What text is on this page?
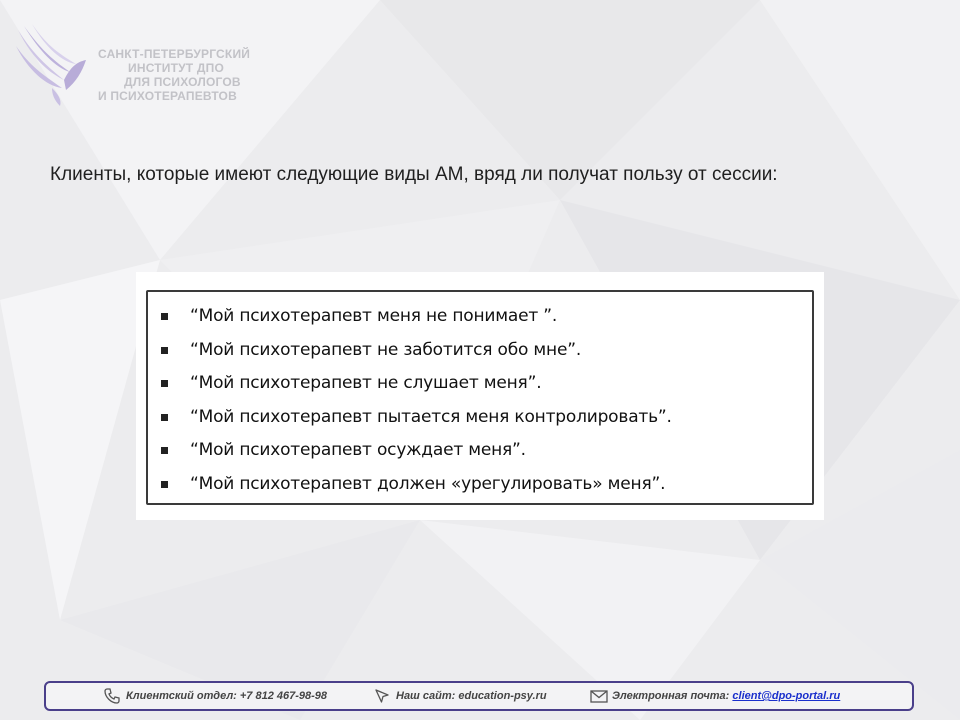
САНКТ-ПЕТЕРБУРГСКИЙ
ИНСТИТУТ ДПО
ДЛЯ ПСИХОЛОГОВ
И ПСИХОТЕРАПЕВТОВ
Клиенты, которые имеют следующие виды АМ, вряд ли получат пользу от сессии:
“Мой психотерапевт меня не понимает ”.
“Мой психотерапевт не заботится обо мне”.
“Мой психотерапевт не слушает меня”.
“Мой психотерапевт пытается меня контролировать”.
“Мой психотерапевт осуждает меня”.
“Мой психотерапевт должен «урегулировать» меня”.
Клиентский отдел: +7 812 467-98-98	Наш сайт: education-psy.ru	Электронная почта: client@dpo-portal.ru
